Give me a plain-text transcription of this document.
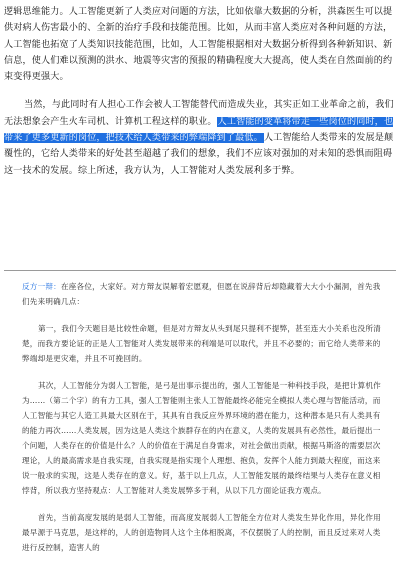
逻辑思维能力。人工智能更新了人类应对问题的方法，比如依靠大数据的分析，洪森医生可以提供对病人伤害最小的、全新的治疗手段和技能范围。比如，从而丰富人类应对各种问题的方法，人工智能也拓宽了人类知识技能范围，比如，人工智能根据相对大数据分析得到各种新知识、新信息，使人们难以预测的洪水、地震等灾害的预报的精确程度大大提高，使人类在自然面前的约束变得更强大。

当然，与此同时有人担心工作会被人工智能替代而造成失业，其实正如工业革命之前，我们无法想象会产生火车司机、计算机工程这样的职业。人工智能的变革将带走一些岗位的同时，也带来了更多更新的岗位，把技术给人类带来的弊端降到了最低。人工智能给人类带来的发展是颠覆性的，它给人类带来的好处甚至超越了我们的想象，我们不应该对强加的对未知的恐惧而阻碍这一技术的发展。综上所述，我方认为，人工智能对人类发展利多于弊。

反方一辩：在座各位，大家好。对方辩友误解着宏愿观，但愿在说辞背后却隐藏着大大小小漏洞，首先我们先来明确几点：

第一，我们今天题目是比较性命题，但是对方辩友从头到尾只提利不提弊，甚至连大小关系也没所清楚，而我方要论证的正是人工智能对人类发展带来的利端是可以取代，并且不必要的；而它给人类带来的弊端却是更灾难，并且不可挽回的。

其次，人工智能分为弱人工智能，是弓是出事示提出的，强人工智能是一种科技手段，是把计算机作为……（第二个字）的有力工具，强人工智能则主张人工智能最终必能完全模拟人类心理与智能活动，而人工智能与其它人造工具最大区别在于，其具有自我反应外界环境的潜在能力，这种潜本是只有人类具有的能力再次……人类发展，因为这是人类这个族群存在的内在意义，人类的发展具有必然性，最后提出一个问题，人类存在的价值是什么？人的价值在于满足自身需求，对社会做出贡献，根据马斯洛的需要层次理论，人的最高需求是自我实现，自我实现是指实现个人理想、抱负，发挥个人能力到最大程度，而这来说一般求的实现，这是人类存在的意义。好，基于以上几点，人工智能发展的最终结果与人类存在意义相悖背，所以我方坚持观点：人工智能对人类发展弊多于利，从以下几方面论证我方观点。

首先，当前高度发展的是弱人工智能，而高度发展弱人工智能全方位对人类发生异化作用，异化作用最早源于马克思，是这样的，人的创造物同人这个主体相脱离，不仅摆脱了人的控制，而且反过来对人类进行反控制，造害人的
